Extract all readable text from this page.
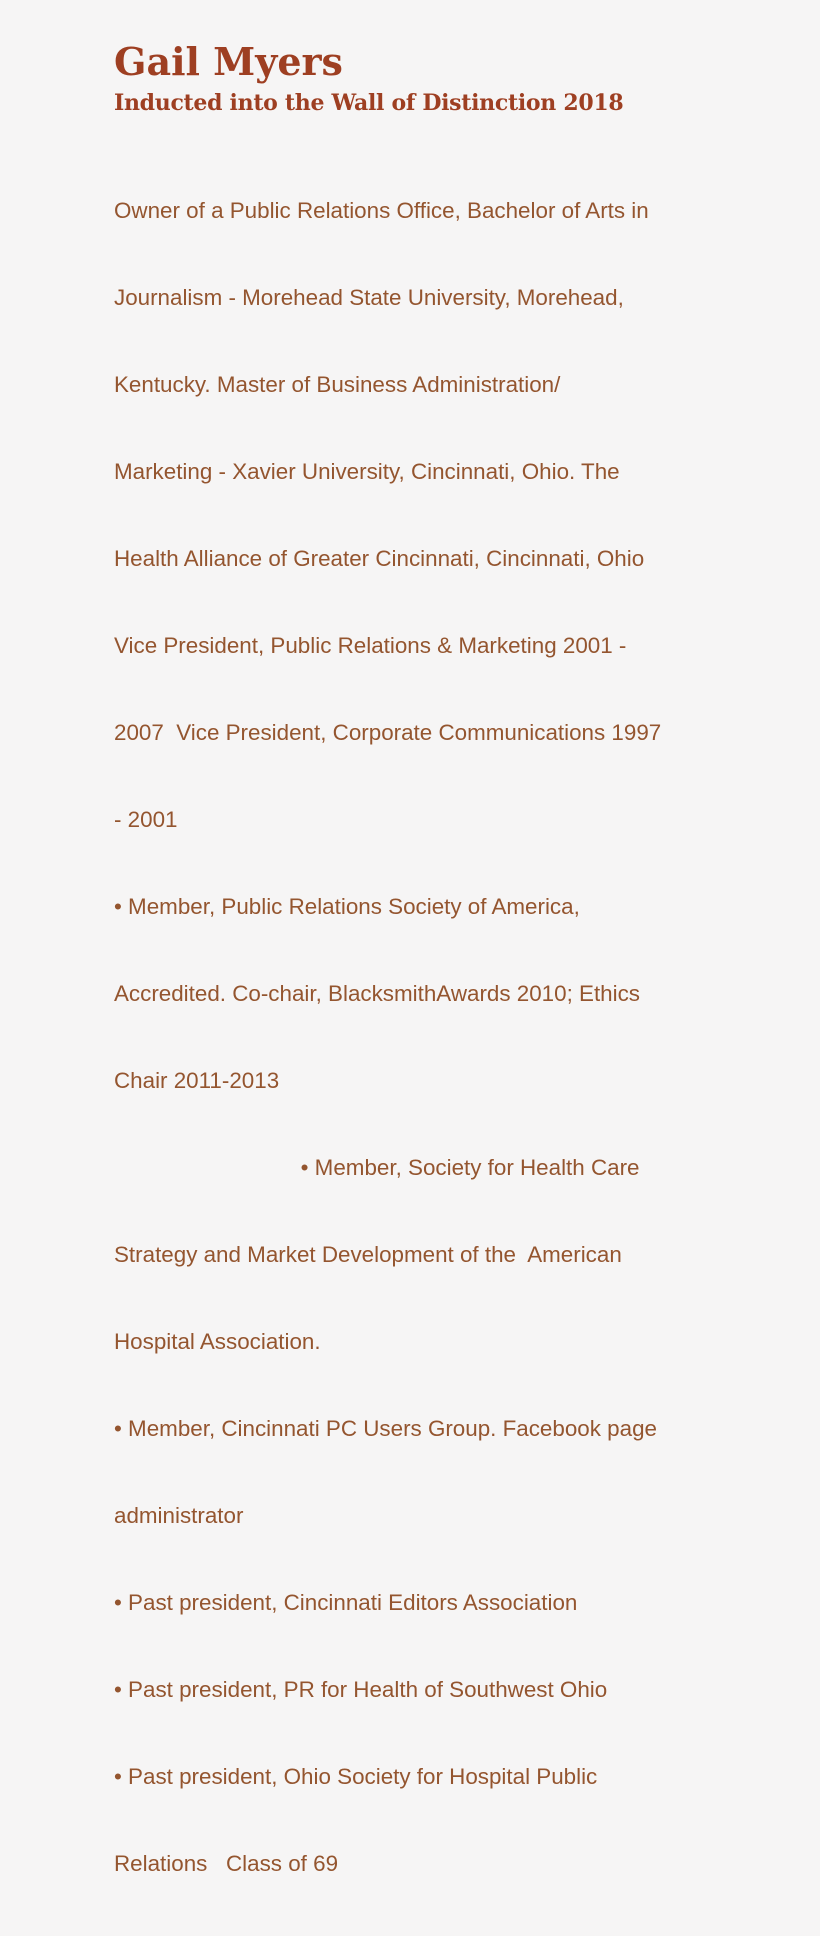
Gail Myers
Inducted into the Wall of Distinction 2018

Owner of a Public Relations Office, Bachelor of Arts in

Journalism - Morehead State University, Morehead,

Kentucky. Master of Business Administration/

Marketing - Xavier University, Cincinnati, Ohio. The

Health Alliance of Greater Cincinnati, Cincinnati, Ohio

Vice President, Public Relations & Marketing 2001 -

2007  Vice President, Corporate Communications 1997

- 2001

• Member, Public Relations Society of America,

Accredited. Co-chair, BlacksmithAwards 2010; Ethics

Chair 2011-2013

• Member, Society for Health Care

Strategy and Market Development of the  American

Hospital Association.

• Member, Cincinnati PC Users Group. Facebook page

administrator

• Past president, Cincinnati Editors Association

• Past president, PR for Health of Southwest Ohio

• Past president, Ohio Society for Hospital Public

Relations   Class of 69
